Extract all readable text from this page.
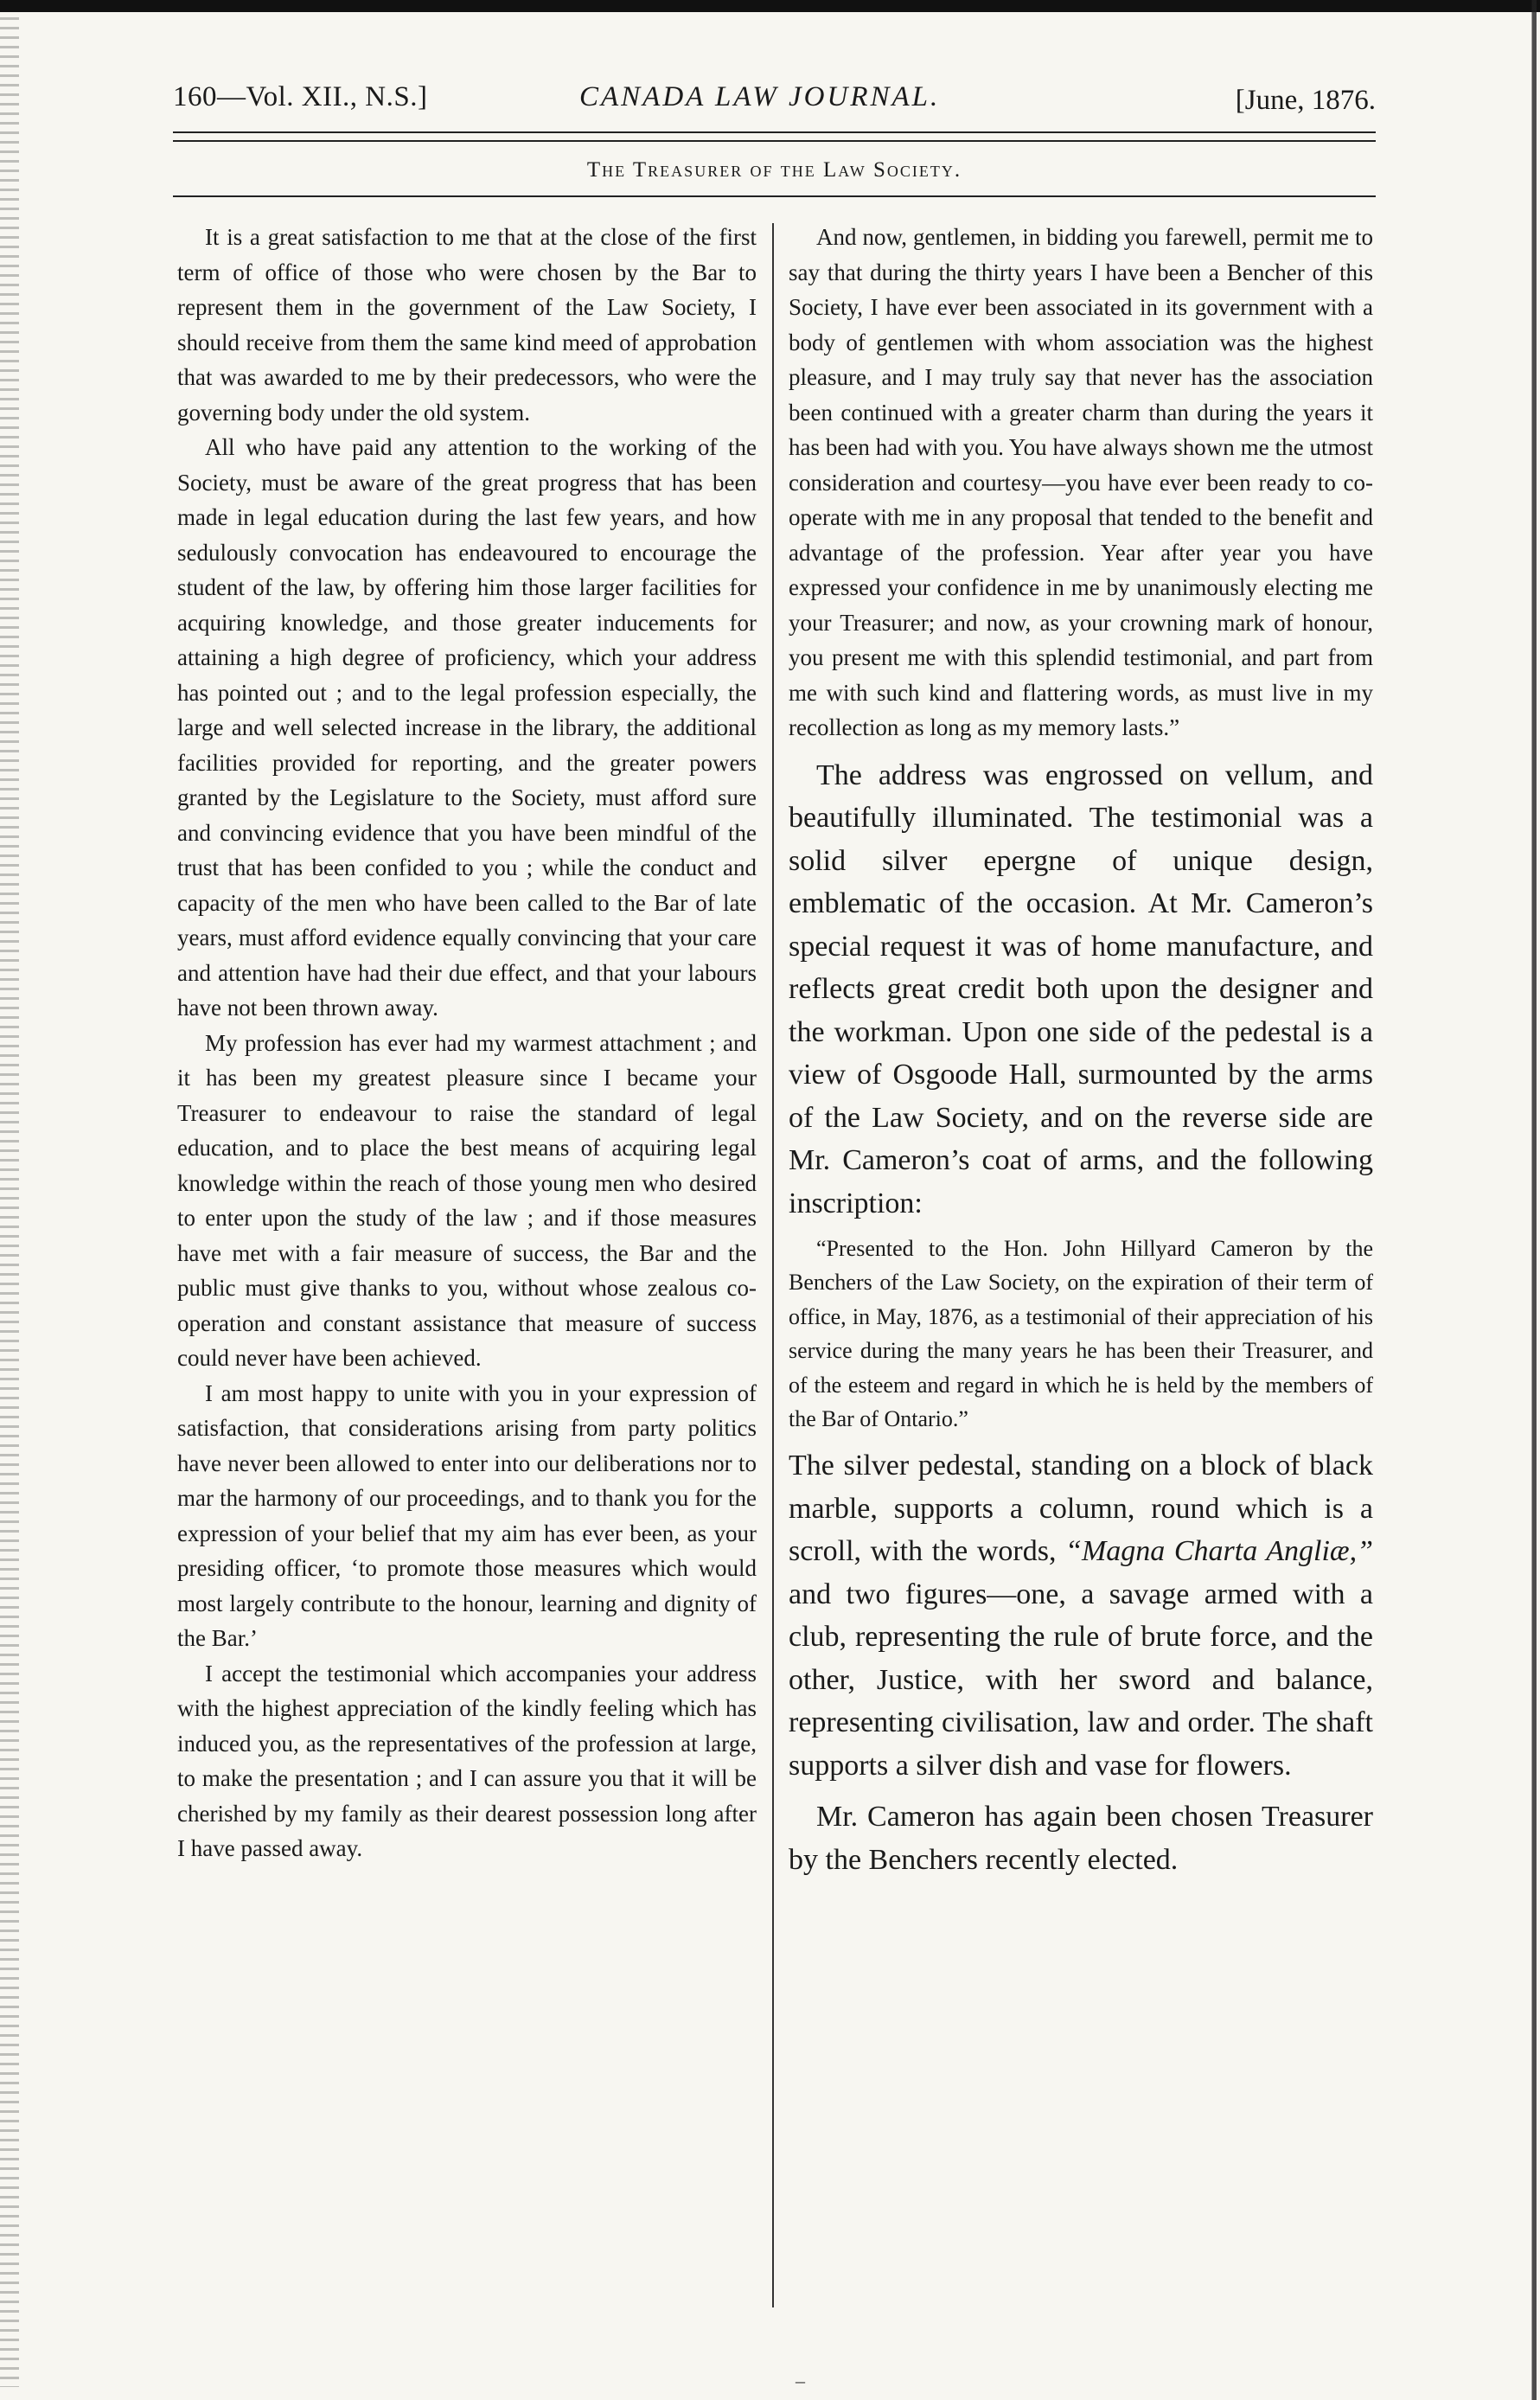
160—Vol. XII., N.S.]	CANADA LAW JOURNAL.	[June, 1876.
The Treasurer of the Law Society.

It is a great satisfaction to me that at the close of the first term of office of those who were chosen by the Bar to represent them in the government of the Law Society, I should receive from them the same kind meed of approbation that was awarded to me by their predecessors, who were the governing body under the old system.

All who have paid any attention to the working of the Society, must be aware of the great progress that has been made in legal education during the last few years, and how sedulously convocation has endeavoured to encourage the student of the law, by offering him those larger facilities for acquiring knowledge, and those greater inducements for attaining a high degree of proficiency, which your address has pointed out ; and to the legal profession especially, the large and well selected increase in the library, the additional facilities provided for reporting, and the greater powers granted by the Legislature to the Society, must afford sure and convincing evidence that you have been mindful of the trust that has been confided to you ; while the conduct and capacity of the men who have been called to the Bar of late years, must afford evidence equally convincing that your care and attention have had their due effect, and that your labours have not been thrown away.

My profession has ever had my warmest attachment ; and it has been my greatest pleasure since I became your Treasurer to endeavour to raise the standard of legal education, and to place the best means of acquiring legal knowledge within the reach of those young men who desired to enter upon the study of the law ; and if those measures have met with a fair measure of success, the Bar and the public must give thanks to you, without whose zealous co-operation and constant assistance that measure of success could never have been achieved.

I am most happy to unite with you in your expression of satisfaction, that considerations arising from party politics have never been allowed to enter into our deliberations nor to mar the harmony of our proceedings, and to thank you for the expression of your belief that my aim has ever been, as your presiding officer, ‘to promote those measures which would most largely contribute to the honour, learning and dignity of the Bar.’

I accept the testimonial which accompanies your address with the highest appreciation of the kindly feeling which has induced you, as the representatives of the profession at large, to make the presentation ; and I can assure you that it will be cherished by my family as their dearest possession long after I have passed away.

And now, gentlemen, in bidding you farewell, permit me to say that during the thirty years I have been a Bencher of this Society, I have ever been associated in its government with a body of gentlemen with whom association was the highest pleasure, and I may truly say that never has the association been continued with a greater charm than during the years it has been had with you. You have always shown me the utmost consideration and courtesy—you have ever been ready to co-operate with me in any proposal that tended to the benefit and advantage of the profession. Year after year you have expressed your confidence in me by unanimously electing me your Treasurer; and now, as your crowning mark of honour, you present me with this splendid testimonial, and part from me with such kind and flattering words, as must live in my recollection as long as my memory lasts.”

The address was engrossed on vellum, and beautifully illuminated. The testimonial was a solid silver epergne of unique design, emblematic of the occasion. At Mr. Cameron’s special request it was of home manufacture, and reflects great credit both upon the designer and the workman. Upon one side of the pedestal is a view of Osgoode Hall, surmounted by the arms of the Law Society, and on the reverse side are Mr. Cameron’s coat of arms, and the following inscription:

“Presented to the Hon. John Hillyard Cameron by the Benchers of the Law Society, on the expiration of their term of office, in May, 1876, as a testimonial of their appreciation of his service during the many years he has been their Treasurer, and of the esteem and regard in which he is held by the members of the Bar of Ontario.”

The silver pedestal, standing on a block of black marble, supports a column, round which is a scroll, with the words, “Magna Charta Angliæ,” and two figures—one, a savage armed with a club, representing the rule of brute force, and the other, Justice, with her sword and balance, representing civilisation, law and order. The shaft supports a silver dish and vase for flowers.

Mr. Cameron has again been chosen Treasurer by the Benchers recently elected.

‒
